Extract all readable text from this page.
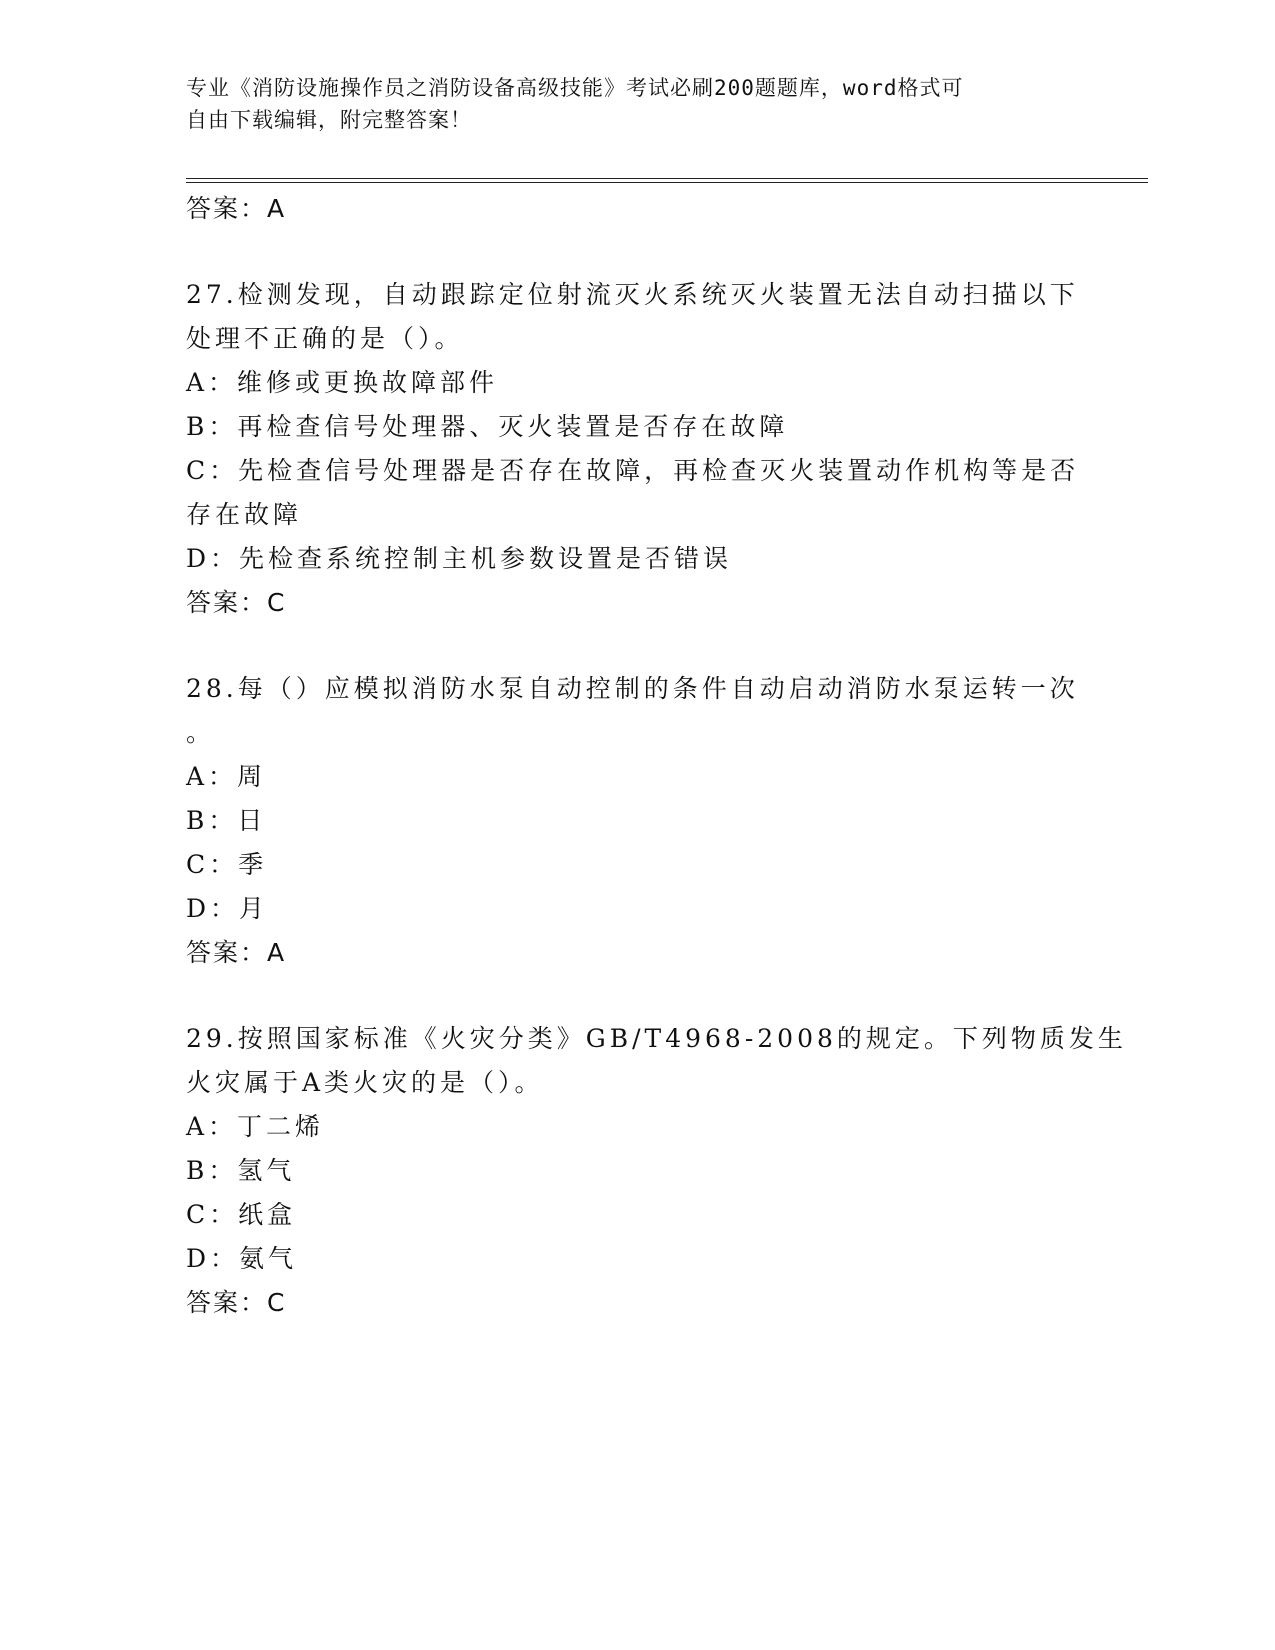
专业《消防设施操作员之消防设备高级技能》考试必刷200题题库，word格式可
自由下载编辑，附完整答案！
答案：A
27.检测发现，自动跟踪定位射流灭火系统灭火装置无法自动扫描以下
处理不正确的是（）。
A：维修或更换故障部件
B：再检查信号处理器、灭火装置是否存在故障
C：先检查信号处理器是否存在故障，再检查灭火装置动作机构等是否
存在故障
D：先检查系统控制主机参数设置是否错误
答案：C
28.每（）应模拟消防水泵自动控制的条件自动启动消防水泵运转一次
。
A：周
B：日
C：季
D：月
答案：A
29.按照国家标准《火灾分类》GB/T4968-2008的规定。下列物质发生
火灾属于A类火灾的是（）。
A：丁二烯
B：氢气
C：纸盒
D：氨气
答案：C
